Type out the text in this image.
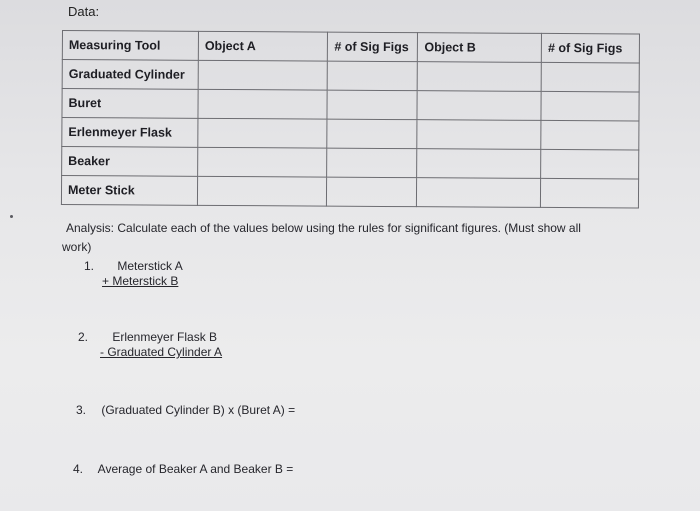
Data:
Measuring Tool	Object A	# of Sig Figs	Object B	# of Sig Figs
Graduated Cylinder				
Buret				
Erlenmeyer Flask				
Beaker				
Meter Stick				
Analysis: Calculate each of the values below using the rules for significant figures. (Must show all
work)
1. Meterstick A
+ Meterstick B
2. Erlenmeyer Flask B
- Graduated Cylinder A
3. (Graduated Cylinder B) x (Buret A) =
4. Average of Beaker A and Beaker B =
